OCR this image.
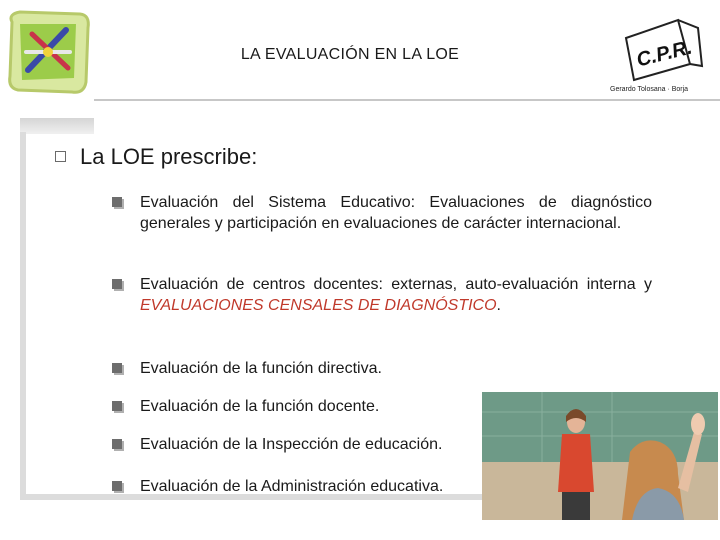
LA EVALUACIÓN EN LA LOE	C.P.R.
Gerardo Tolosana · Borja
La LOE prescribe:
Evaluación del Sistema Educativo: Evaluaciones de diagnóstico generales y participación en evaluaciones de carácter internacional.
Evaluación de centros docentes: externas, auto-evaluación interna y EVALUACIONES CENSALES DE DIAGNÓSTICO.
Evaluación de la función directiva.
Evaluación de la función docente.
Evaluación de la Inspección de educación.
Evaluación de la Administración educativa.
